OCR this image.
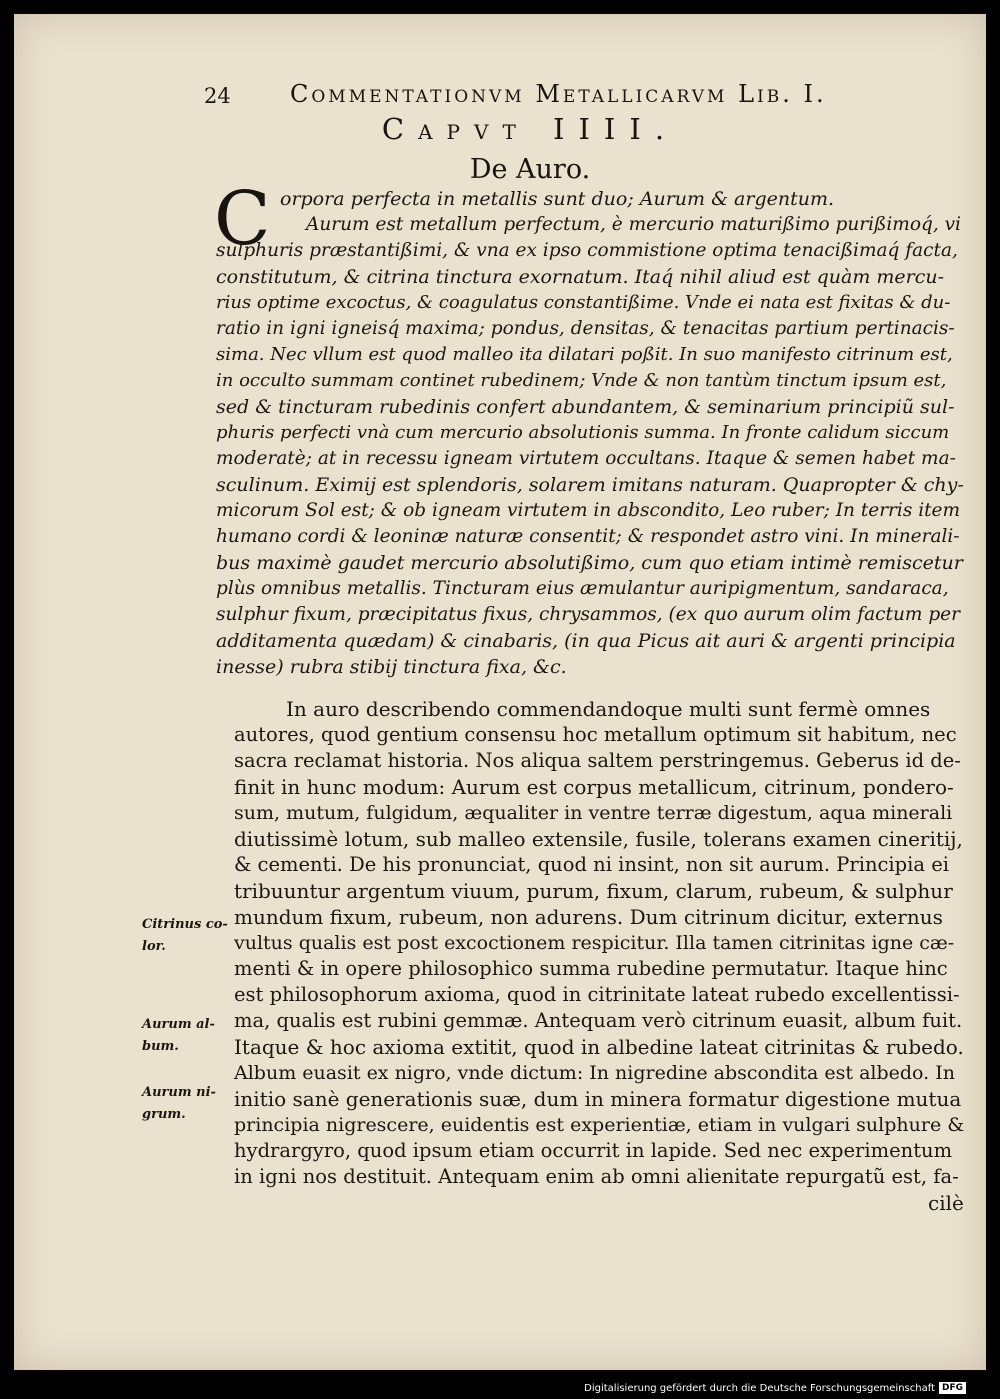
24 Commentationvm Metallicarvm Lib. I.
Capvt IIII.
De Auro.
C orpora perfecta in metallis sunt duo; Aurum & argentum.
Aurum est metallum perfectum, è mercurio maturißimo purißimoq́, vi
sulphuris præstantißimi, & vna ex ipso commistione optima tenacißimaq́ facta,
constitutum, & citrina tinctura exornatum. Itaq́ nihil aliud est quàm mercu-
rius optime excoctus, & coagulatus constantißime. Vnde ei nata est fixitas & du-
ratio in igni igneisq́ maxima; pondus, densitas, & tenacitas partium pertinacis-
sima. Nec vllum est quod malleo ita dilatari poßit. In suo manifesto citrinum est,
in occulto summam continet rubedinem; Vnde & non tantùm tinctum ipsum est,
sed & tincturam rubedinis confert abundantem, & seminarium principiũ sul-
phuris perfecti vnà cum mercurio absolutionis summa. In fronte calidum siccum
moderatè; at in recessu igneam virtutem occultans. Itaque & semen habet ma-
sculinum. Eximij est splendoris, solarem imitans naturam. Quapropter & chy-
micorum Sol est; & ob igneam virtutem in abscondito, Leo ruber; In terris item
humano cordi & leoninæ naturæ consentit; & respondet astro vini. In minerali-
bus maximè gaudet mercurio absolutißimo, cum quo etiam intimè remiscetur
plùs omnibus metallis. Tincturam eius æmulantur auripigmentum, sandaraca,
sulphur fixum, præcipitatus fixus, chrysammos, (ex quo aurum olim factum per
additamenta quædam) & cinabaris, (in qua Picus ait auri & argenti principia
inesse) rubra stibij tinctura fixa, &c.
In auro describendo commendandoque multi sunt fermè omnes
autores, quod gentium consensu hoc metallum optimum sit habitum, nec
sacra reclamat historia. Nos aliqua saltem perstringemus. Geberus id de-
finit in hunc modum: Aurum est corpus metallicum, citrinum, pondero-
sum, mutum, fulgidum, æqualiter in ventre terræ digestum, aqua minerali
diutissimè lotum, sub malleo extensile, fusile, tolerans examen cineritij,
& cementi. De his pronunciat, quod ni insint, non sit aurum. Principia ei
tribuuntur argentum viuum, purum, fixum, clarum, rubeum, & sulphur
mundum fixum, rubeum, non adurens. Dum citrinum dicitur, externus
vultus qualis est post excoctionem respicitur. Illa tamen citrinitas igne cæ-
menti & in opere philosophico summa rubedine permutatur. Itaque hinc
est philosophorum axioma, quod in citrinitate lateat rubedo excellentissi-
ma, qualis est rubini gemmæ. Antequam verò citrinum euasit, album fuit.
Itaque & hoc axioma extitit, quod in albedine lateat citrinitas & rubedo.
Album euasit ex nigro, vnde dictum: In nigredine abscondita est albedo. In
initio sanè generationis suæ, dum in minera formatur digestione mutua
principia nigrescere, euidentis est experientiæ, etiam in vulgari sulphure &
hydrargyro, quod ipsum etiam occurrit in lapide. Sed nec experimentum
in igni nos destituit. Antequam enim ab omni alienitate repurgatũ est, fa-
cilè
Citrinus co- lor.
Aurum al- bum.
Aurum ni- grum.
Digitalisierung gefördert durch die Deutsche Forschungsgemeinschaft DFG
